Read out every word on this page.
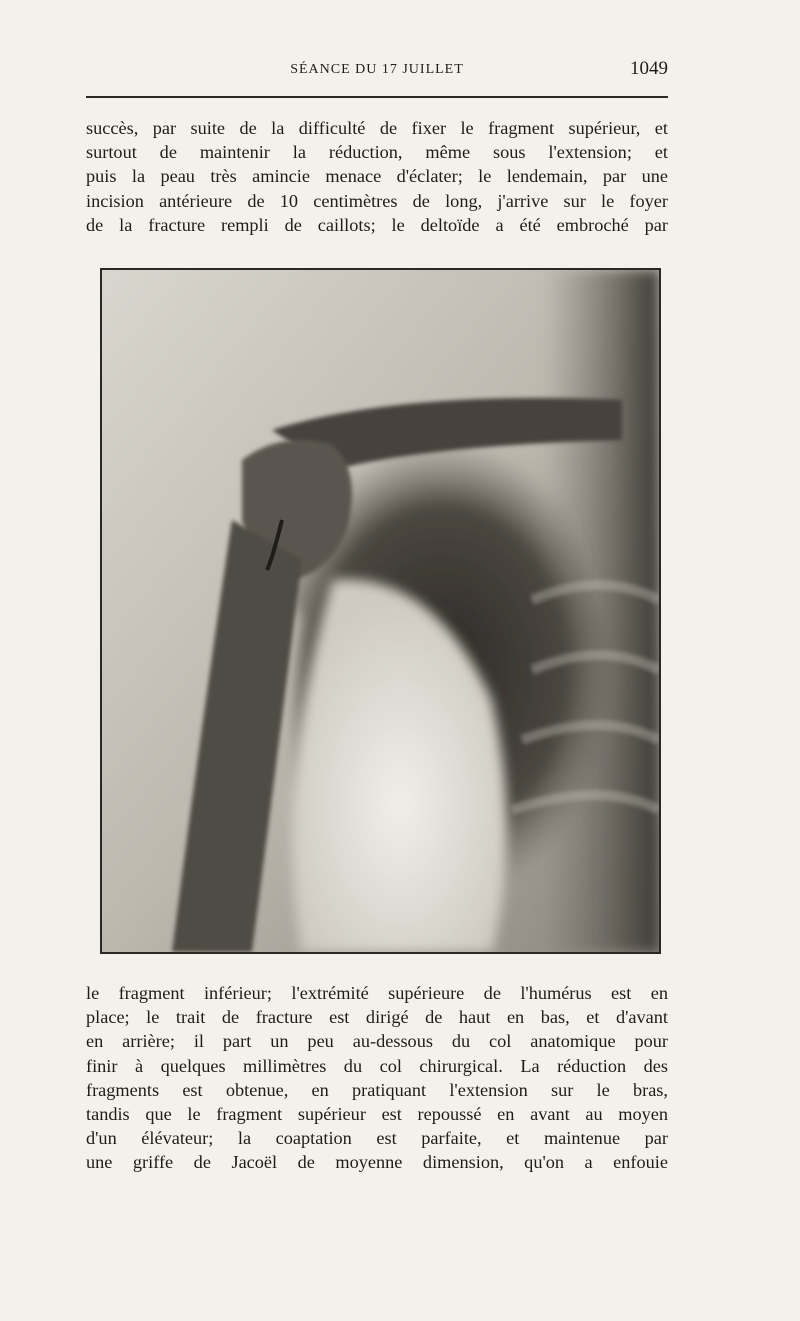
SÉANCE DU 17 JUILLET	1049

succès, par suite de la difficulté de fixer le fragment supérieur, et
surtout de maintenir la réduction, même sous l'extension; et
puis la peau très amincie menace d'éclater; le lendemain, par une
incision antérieure de 10 centimètres de long, j'arrive sur le foyer
de la fracture rempli de caillots; le deltoïde a été embroché par

le fragment inférieur; l'extrémité supérieure de l'humérus est en
place; le trait de fracture est dirigé de haut en bas, et d'avant
en arrière; il part un peu au-dessous du col anatomique pour
finir à quelques millimètres du col chirurgical. La réduction des
fragments est obtenue, en pratiquant l'extension sur le bras,
tandis que le fragment supérieur est repoussé en avant au moyen
d'un élévateur; la coaptation est parfaite, et maintenue par
une griffe de Jacoël de moyenne dimension, qu'on a enfouie
